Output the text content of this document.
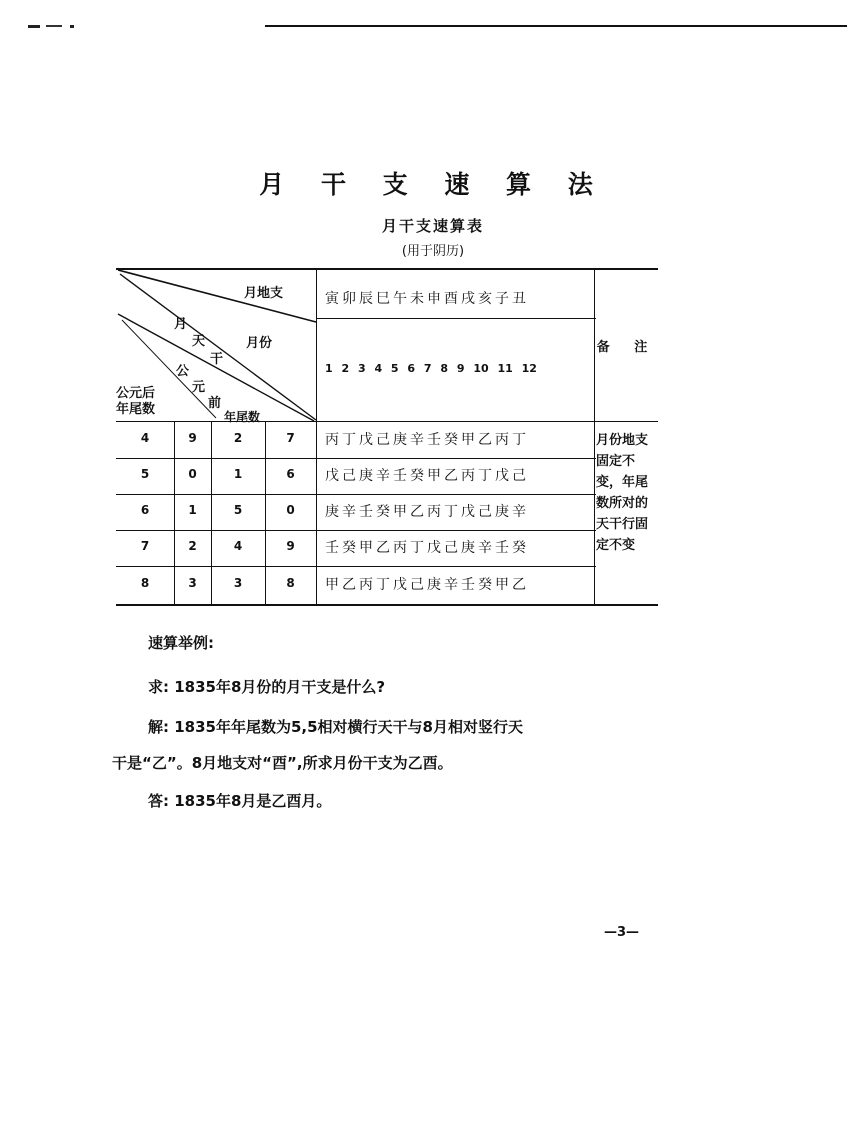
月 干 支 速 算 法
月干支速算表
(用于阴历)
月地支
月
天
干
月份
公
元
前
年尾数
公元后
年尾数
寅卯辰巳午未申酉戌亥子丑
1 2 3 4 5 6 7 8 9 10 11 12
备 注
4	9	2	7	丙丁戊己庚辛壬癸甲乙丙丁
5	0	1	6	戊己庚辛壬癸甲乙丙丁戊己
6	1	5	0	庚辛壬癸甲乙丙丁戊己庚辛
7	2	4	9	壬癸甲乙丙丁戊己庚辛壬癸
8	3	3	8	甲乙丙丁戊己庚辛壬癸甲乙
月份地支固定不变，年尾数所对的天干行固定不变
速算举例:
求: 1835年8月份的月干支是什么?
解: 1835年年尾数为5,5相对横行天干与8月相对竖行天
干是“乙”。8月地支对“酉”,所求月份干支为乙酉。
答: 1835年8月是乙酉月。
—3—
